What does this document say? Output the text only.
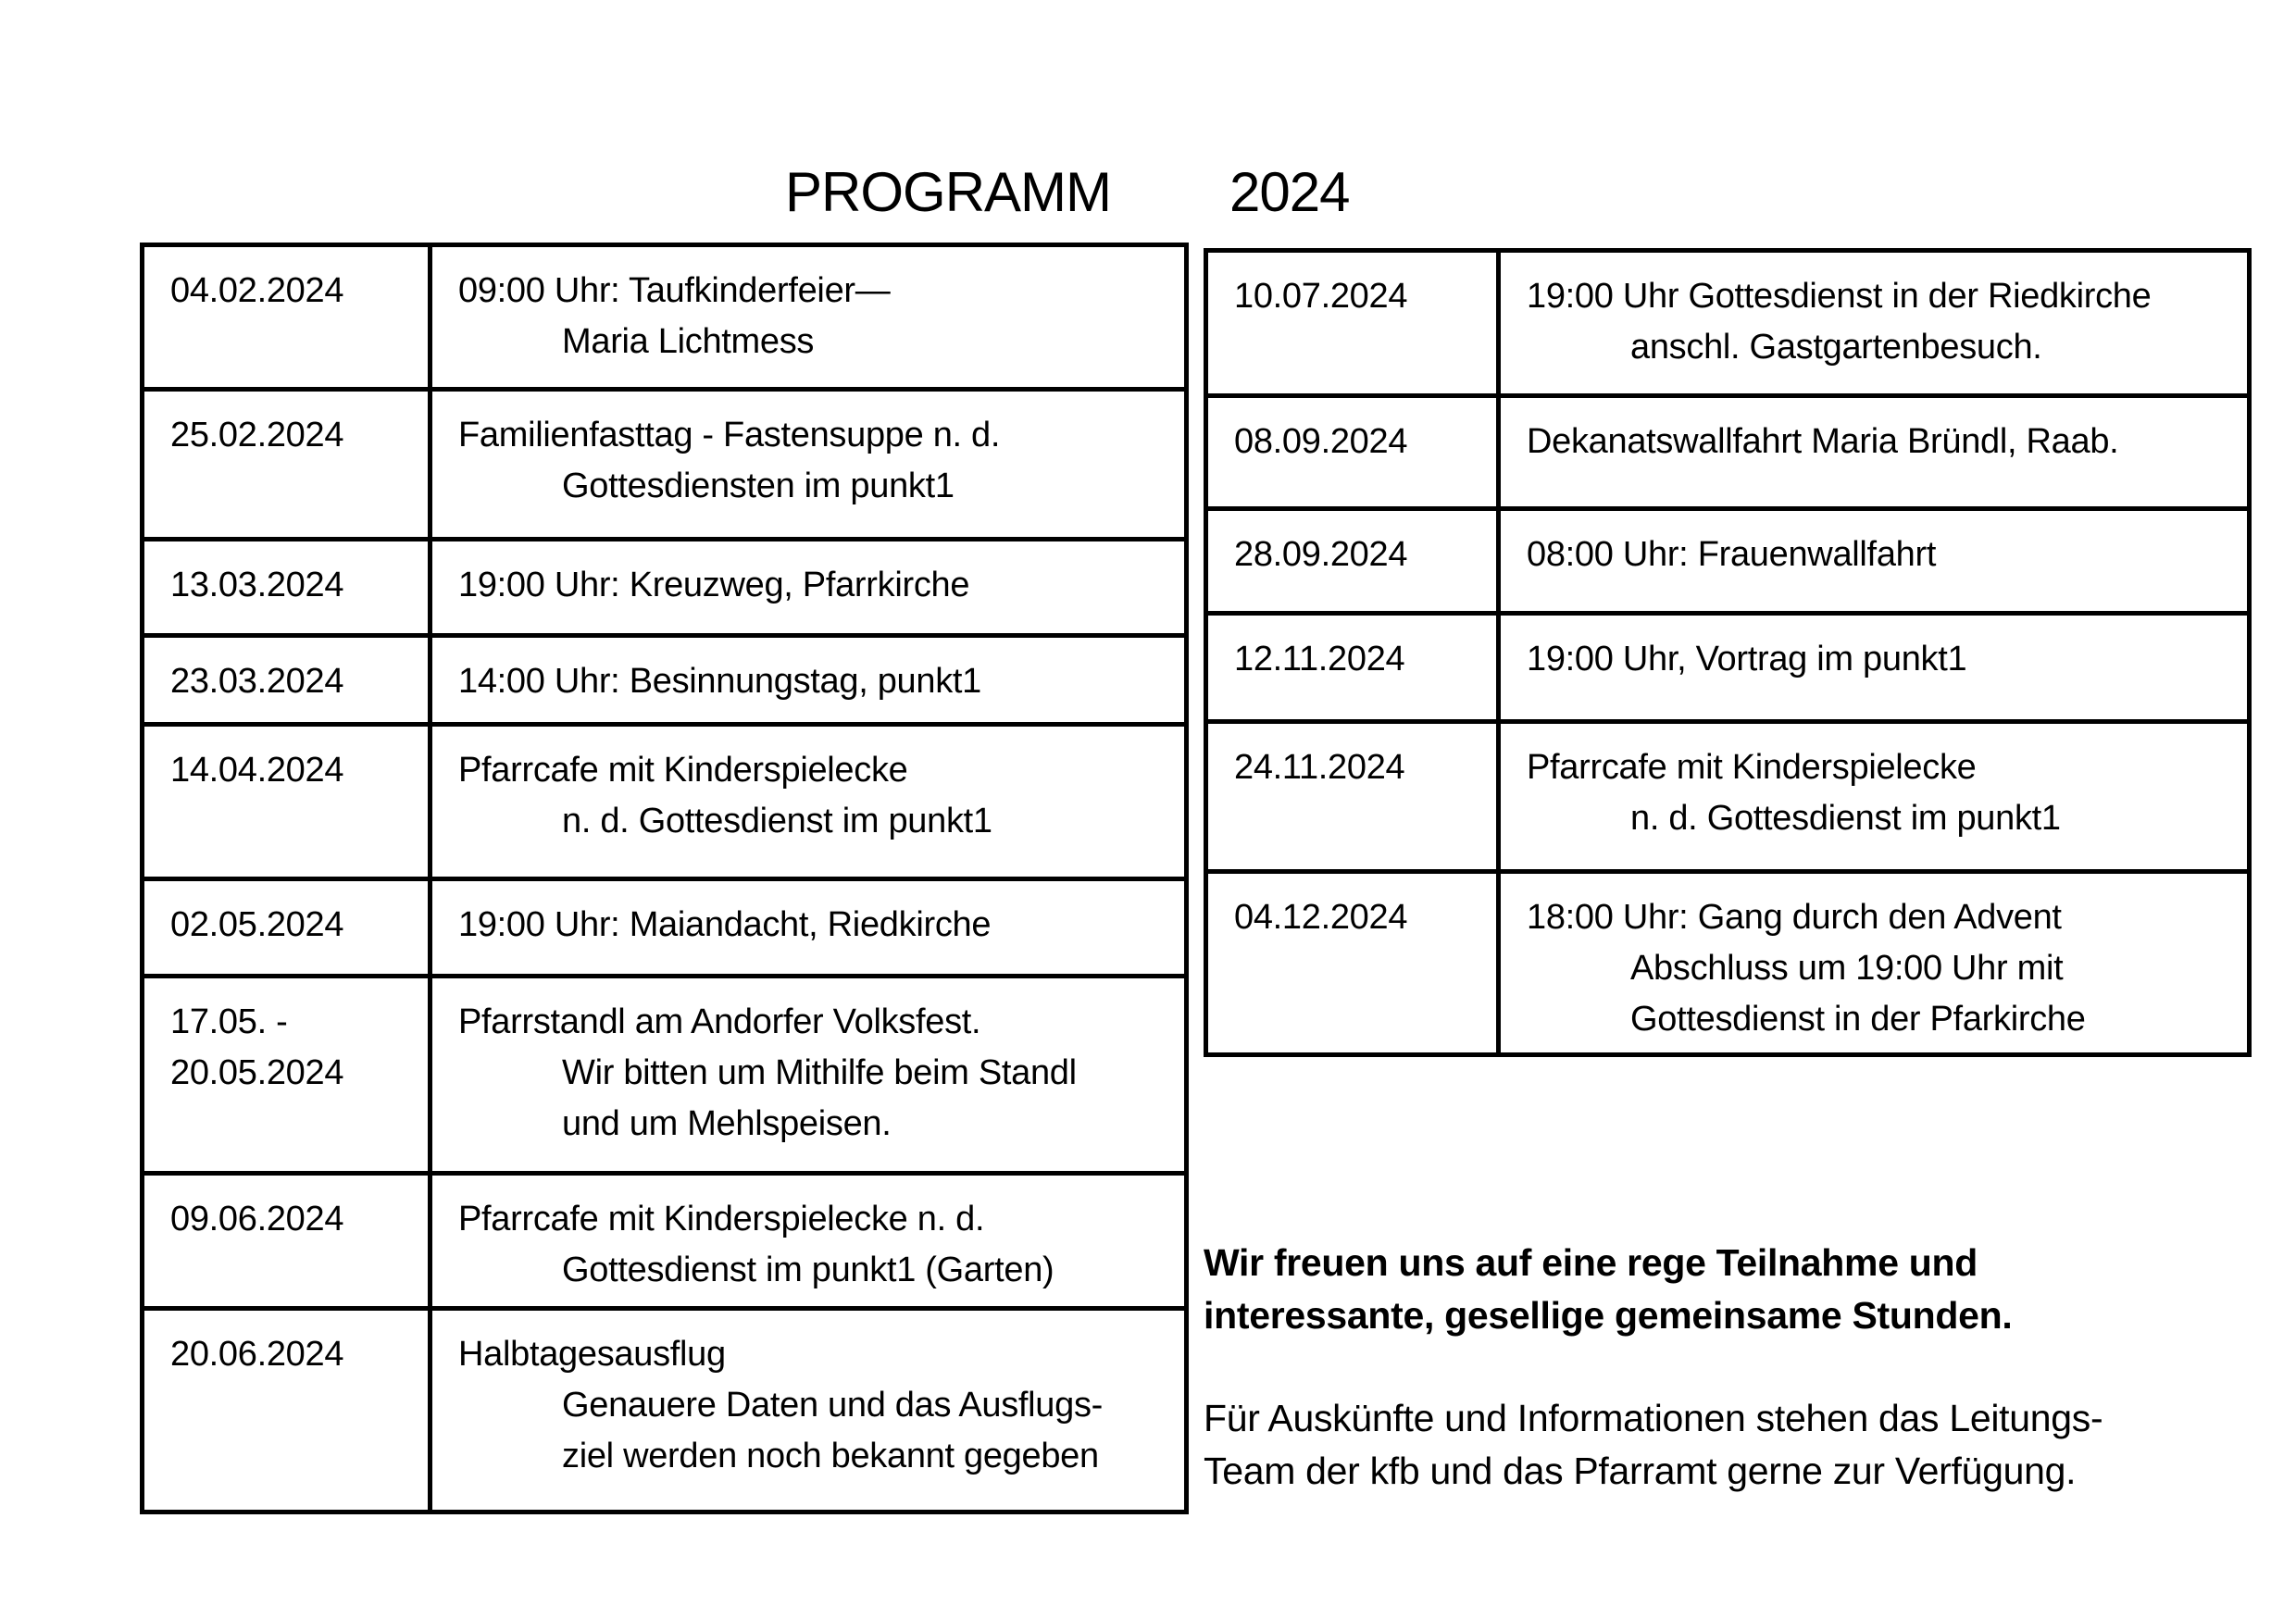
PROGRAMM 2024
04.02.2024	09:00 Uhr: Taufkinderfeier—
Maria Lichtmess

25.02.2024	Familienfasttag - Fastensuppe n. d.
Gottesdiensten im punkt1

13.03.2024	19:00 Uhr: Kreuzweg, Pfarrkirche

23.03.2024	14:00 Uhr: Besinnungstag, punkt1

14.04.2024	Pfarrcafe mit Kinderspielecke
n. d. Gottesdienst im punkt1

02.05.2024	19:00 Uhr: Maiandacht, Riedkirche

17.05. -
20.05.2024	Pfarrstandl am Andorfer Volksfest.
Wir bitten um Mithilfe beim Standl
und um Mehlspeisen.

09.06.2024	Pfarrcafe mit Kinderspielecke n. d.
Gottesdienst im punkt1 (Garten)

20.06.2024	Halbtagesausflug
Genauere Daten und das Ausflugs-
ziel werden noch bekannt gegeben
10.07.2024	19:00 Uhr Gottesdienst in der Riedkirche
anschl. Gastgartenbesuch.

08.09.2024	Dekanatswallfahrt Maria Bründl, Raab.

28.09.2024	08:00 Uhr: Frauenwallfahrt

12.11.2024	19:00 Uhr, Vortrag im punkt1

24.11.2024	Pfarrcafe mit Kinderspielecke
n. d. Gottesdienst im punkt1

04.12.2024	18:00 Uhr: Gang durch den Advent
Abschluss um 19:00 Uhr mit
Gottesdienst in der Pfarkirche
Wir freuen uns auf eine rege Teilnahme und
interessante, gesellige gemeinsame Stunden.
Für Auskünfte und Informationen stehen das Leitungs-
Team der kfb und das Pfarramt gerne zur Verfügung.
